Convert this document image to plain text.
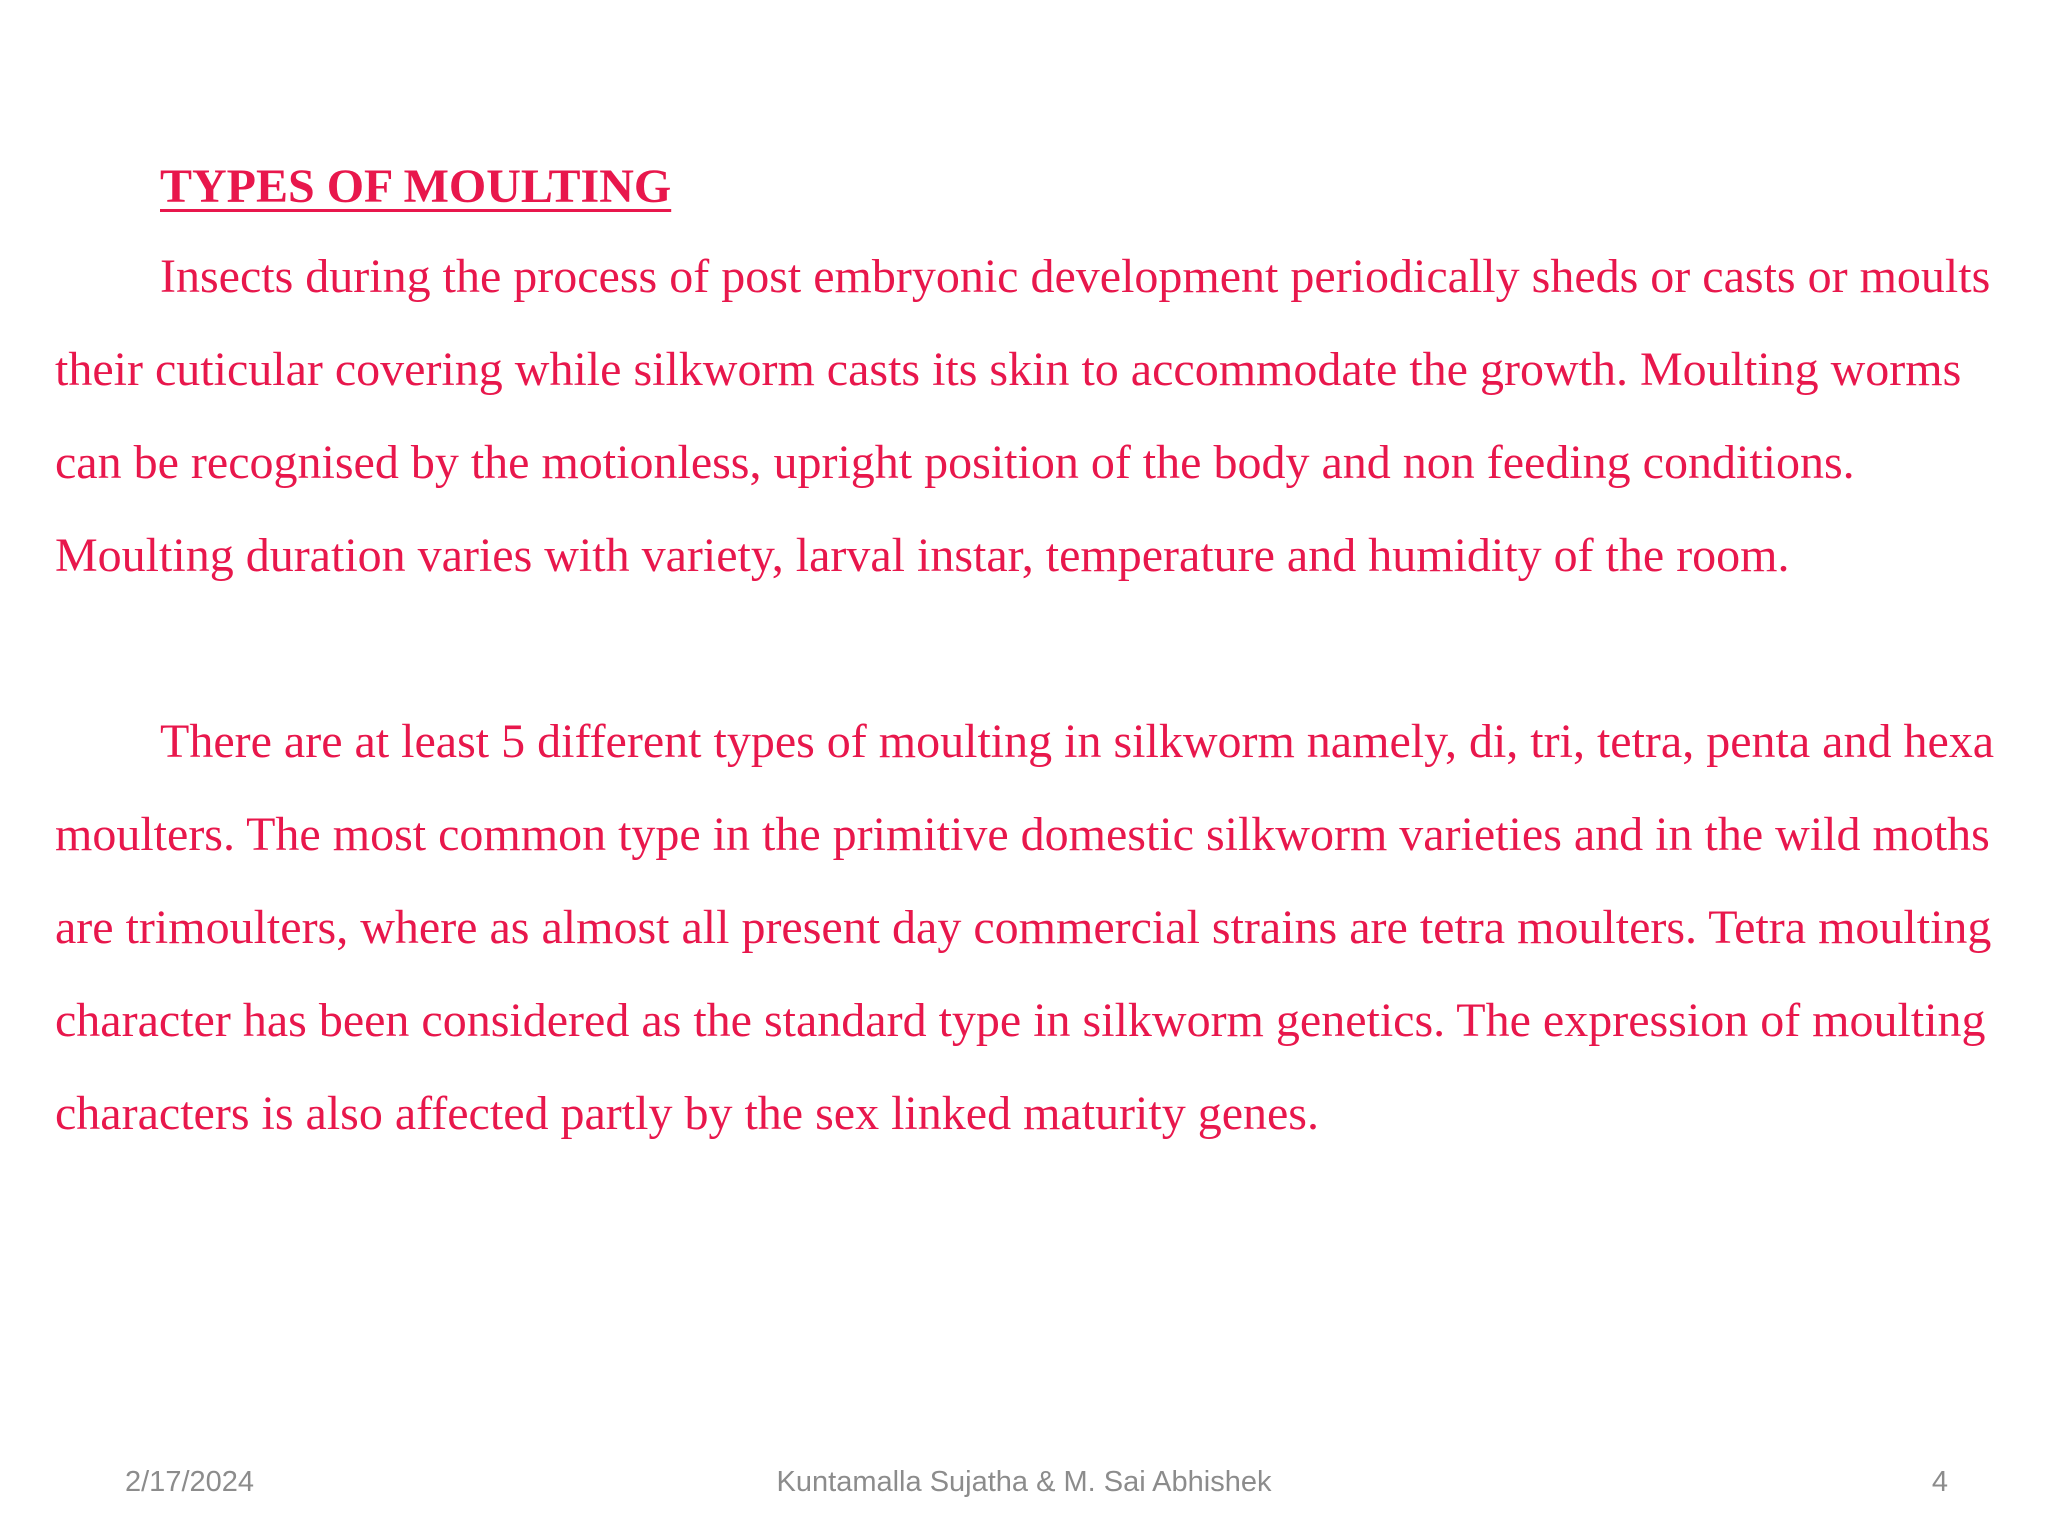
TYPES OF MOULTING

Insects during the process of post embryonic development periodically sheds or casts or moults their cuticular covering while silkworm casts its skin to accommodate the growth. Moulting worms can be recognised by the motionless, upright position of the body and non feeding conditions. Moulting duration varies with variety, larval instar, temperature and humidity of the room.

There are at least 5 different types of moulting in silkworm namely, di, tri, tetra, penta and hexa moulters. The most common type in the primitive domestic silkworm varieties and in the wild moths are trimoulters, where as almost all present day commercial strains are tetra moulters. Tetra moulting character has been considered as the standard type in silkworm genetics. The expression of moulting characters is also affected partly by the sex linked maturity genes.

2/17/2024	Kuntamalla Sujatha & M. Sai Abhishek	4
